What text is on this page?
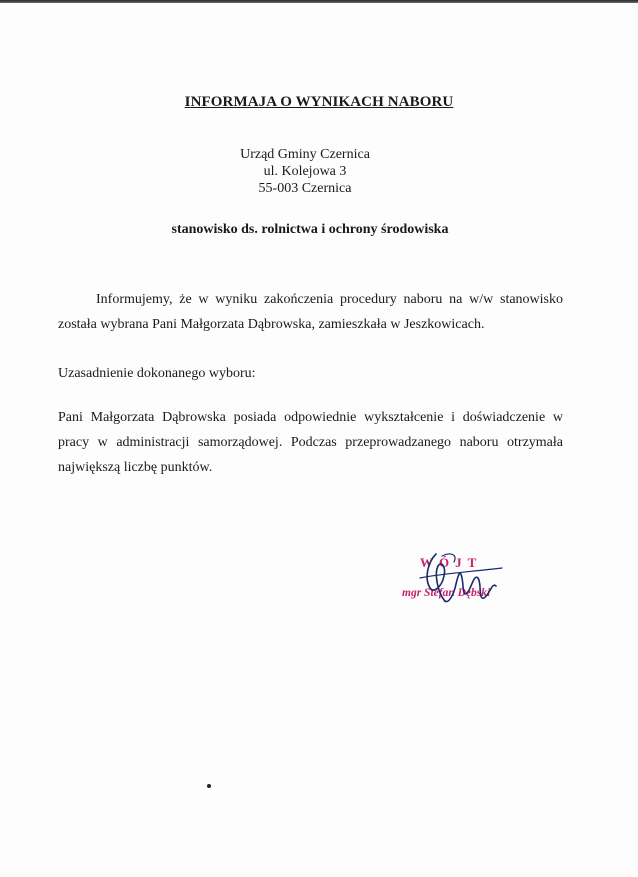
INFORMAJA O WYNIKACH NABORU
Urząd Gminy Czernica
ul. Kolejowa 3
55-003 Czernica
stanowisko ds. rolnictwa i ochrony środowiska
Informujemy, że w wyniku zakończenia procedury naboru na w/w stanowisko została wybrana Pani Małgorzata Dąbrowska, zamieszkała w Jeszkowicach.
Uzasadnienie dokonanego wyboru:
Pani Małgorzata Dąbrowska posiada odpowiednie wykształcenie i doświadczenie w pracy w administracji samorządowej. Podczas przeprowadzanego naboru otrzymała największą liczbę punktów.
WÓJT
mgr Stefan Dębski
